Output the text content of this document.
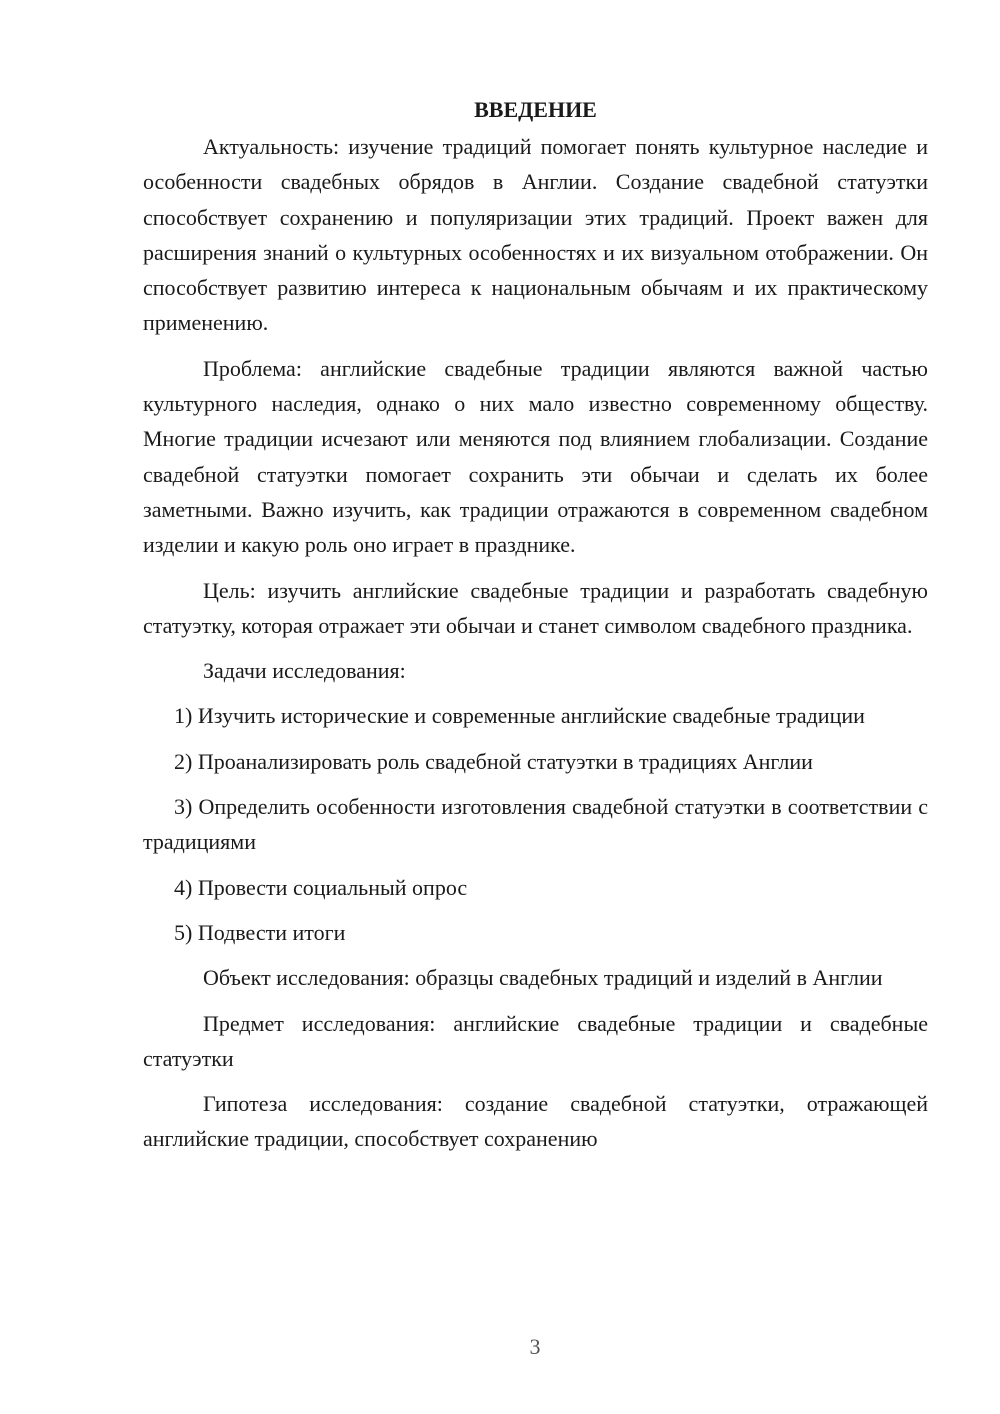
ВВЕДЕНИЕ

Актуальность: изучение традиций помогает понять культурное наследие и особенности свадебных обрядов в Англии. Создание свадебной статуэтки способствует сохранению и популяризации этих традиций. Проект важен для расширения знаний о культурных особенностях и их визуальном отображении. Он способствует развитию интереса к национальным обычаям и их практическому применению.

Проблема: английские свадебные традиции являются важной частью культурного наследия, однако о них мало известно современному обществу. Многие традиции исчезают или меняются под влиянием глобализации. Создание свадебной статуэтки помогает сохранить эти обычаи и сделать их более заметными. Важно изучить, как традиции отражаются в современном свадебном изделии и какую роль оно играет в празднике.

Цель: изучить английские свадебные традиции и разработать свадебную статуэтку, которая отражает эти обычаи и станет символом свадебного праздника.

Задачи исследования:

1) Изучить исторические и современные английские свадебные традиции

2) Проанализировать роль свадебной статуэтки в традициях Англии

3) Определить особенности изготовления свадебной статуэтки в соответствии с традициями

4) Провести социальный опрос

5) Подвести итоги

Объект исследования: образцы свадебных традиций и изделий в Англии

Предмет исследования: английские свадебные традиции и свадебные статуэтки

Гипотеза исследования: создание свадебной статуэтки, отражающей английские традиции, способствует сохранению

3
